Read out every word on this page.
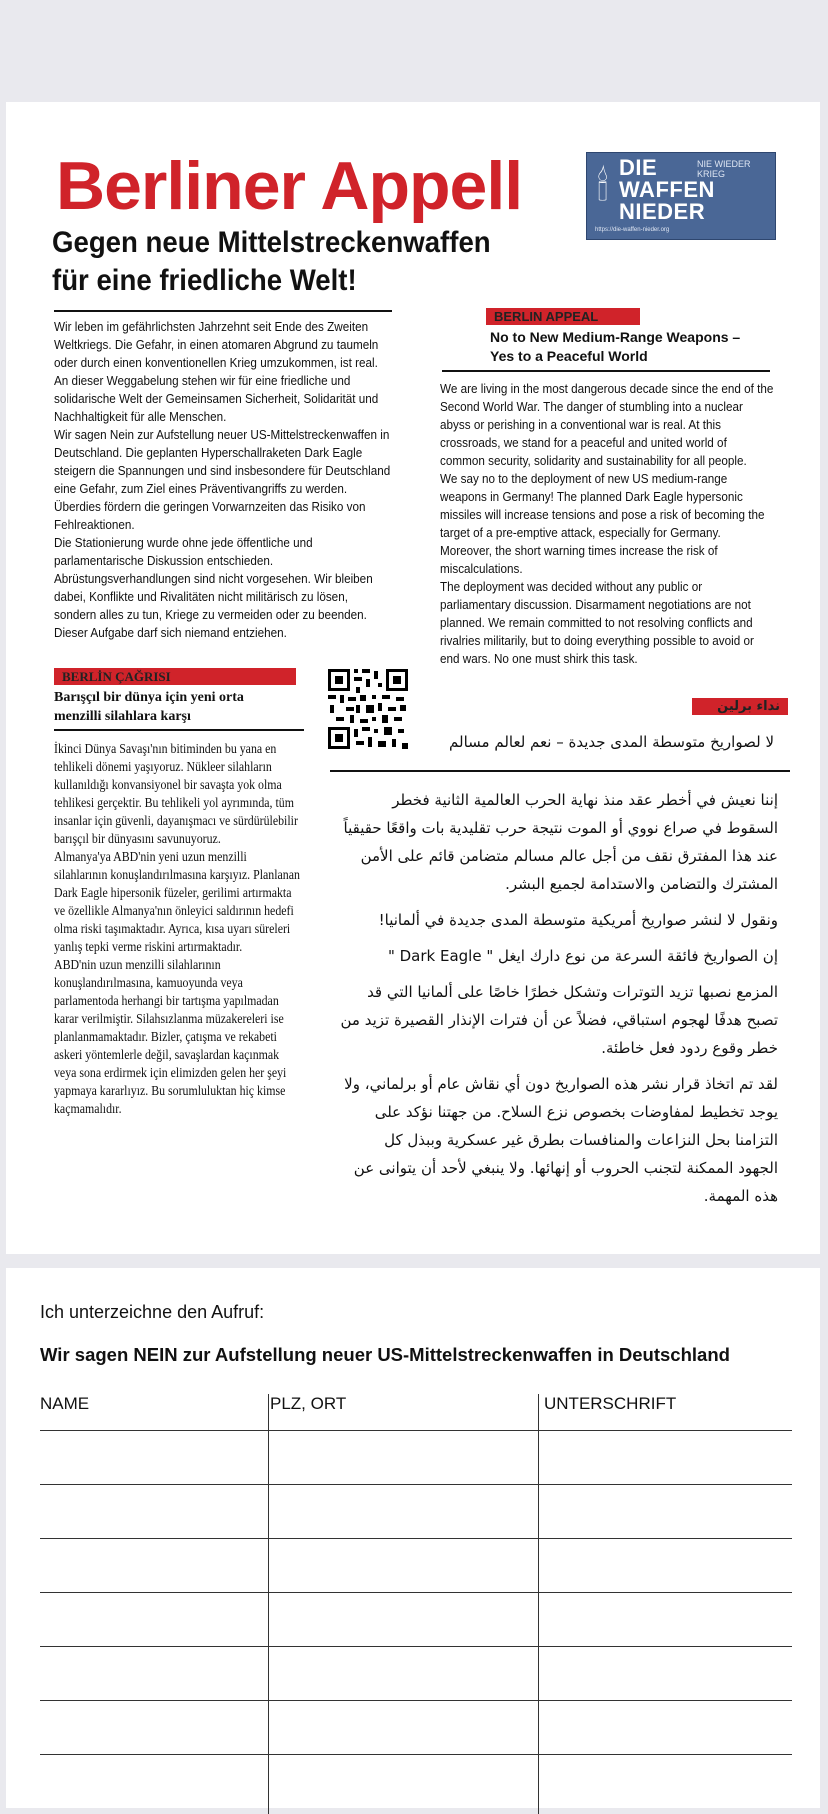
Berliner Appell 🕯 DIE
WAFFEN
NIEDER
NIE WIEDER KRIEG
https://die-waffen-nieder.org
Gegen neue Mittelstreckenwaffen
für eine friedliche Welt!

Wir leben im gefährlichsten Jahrzehnt seit Ende des Zweiten Weltkriegs. Die Gefahr, in einen atomaren Abgrund zu taumeln oder durch einen konventionellen Krieg umzukommen, ist real. An dieser Weggabelung stehen wir für eine friedliche und solidarische Welt der Gemeinsamen Sicherheit, Solidarität und Nachhaltigkeit für alle Menschen.

Wir sagen Nein zur Aufstellung neuer US-Mittelstreckenwaffen in Deutschland. Die geplanten Hyperschallraketen Dark Eagle steigern die Spannungen und sind insbesondere für Deutschland eine Gefahr, zum Ziel eines Präventivangriffs zu werden. Überdies fördern die geringen Vorwarnzeiten das Risiko von Fehlreaktionen.

Die Stationierung wurde ohne jede öffentliche und parlamentarische Diskussion entschieden. Abrüstungsverhandlungen sind nicht vorgesehen. Wir bleiben dabei, Konflikte und Rivalitäten nicht militärisch zu lösen, sondern alles zu tun, Kriege zu vermeiden oder zu beenden. Dieser Aufgabe darf sich niemand entziehen.

BERLIN APPEAL
No to New Medium-Range Weapons –
Yes to a Peaceful World

We are living in the most dangerous decade since the end of the Second World War. The danger of stumbling into a nuclear abyss or perishing in a conventional war is real. At this crossroads, we stand for a peaceful and united world of common security, solidarity and sustainability for all people.

We say no to the deployment of new US medium-range weapons in Germany! The planned Dark Eagle hypersonic missiles will increase tensions and pose a risk of becoming the target of a pre-emptive attack, especially for Germany. Moreover, the short warning times increase the risk of miscalculations.

The deployment was decided without any public or parliamentary discussion. Disarmament negotiations are not planned. We remain committed to not resolving conflicts and rivalries militarily, but to doing everything possible to avoid or end wars. No one must shirk this task.

BERLİN ÇAĞRISI
Barışçıl bir dünya için yeni orta
menzilli silahlara karşı

İkinci Dünya Savaşı'nın bitiminden bu yana en tehlikeli dönemi yaşıyoruz. Nükleer silahların kullanıldığı konvansiyonel bir savaşta yok olma tehlikesi gerçektir. Bu tehlikeli yol ayrımında, tüm insanlar için güvenli, dayanışmacı ve sürdürülebilir barışçıl bir dünyasını savunuyoruz.

Almanya'ya ABD'nin yeni uzun menzilli silahlarının konuşlandırılmasına karşıyız. Planlanan Dark Eagle hipersonik füzeler, gerilimi artırmakta ve özellikle Almanya'nın önleyici saldırının hedefi olma riski taşımaktadır. Ayrıca, kısa uyarı süreleri yanlış tepki verme riskini artırmaktadır.

ABD'nin uzun menzilli silahlarının konuşlandırılmasına, kamuoyunda veya parlamentoda herhangi bir tartışma yapılmadan karar verilmiştir. Silahsızlanma müzakereleri ise planlanmamaktadır. Bizler, çatışma ve rekabeti askeri yöntemlerle değil, savaşlardan kaçınmak veya sona erdirmek için elimizden gelen her şeyi yapmaya kararlıyız. Bu sorumluluktan hiç kimse kaçmamalıdır.

نداء برلين
لا لصواريخ متوسطة المدى جديدة – نعم لعالم مسالم

إننا نعيش في أخطر عقد منذ نهاية الحرب العالمية الثانية فخطر السقوط في صراع نووي أو الموت نتيجة حرب تقليدية بات واقعًا حقيقياً عند هذا المفترق نقف من أجل عالم مسالم متضامن قائم على الأمن المشترك والتضامن والاستدامة لجميع البشر.

ونقول لا لنشر صواريخ أمريكية متوسطة المدى جديدة في ألمانيا!

إن الصواريخ فائقة السرعة من نوع دارك ايغل " Dark Eagle "

المزمع نصبها تزيد التوترات وتشكل خطرًا خاصًا على ألمانيا التي قد تصبح هدفًا لهجوم استباقي، فضلاً عن أن فترات الإنذار القصيرة تزيد من خطر وقوع ردود فعل خاطئة.

لقد تم اتخاذ قرار نشر هذه الصواريخ دون أي نقاش عام أو برلماني، ولا يوجد تخطيط لمفاوضات بخصوص نزع السلاح. من جهتنا نؤكد على التزامنا بحل النزاعات والمنافسات بطرق غير عسكرية وببذل كل الجهود الممكنة لتجنب الحروب أو إنهائها. ولا ينبغي لأحد أن يتوانى عن هذه المهمة.

Ich unterzeichne den Aufruf:
Wir sagen NEIN zur Aufstellung neuer US-Mittelstreckenwaffen in Deutschland
NAME	PLZ, ORT	UNTERSCHRIFT
